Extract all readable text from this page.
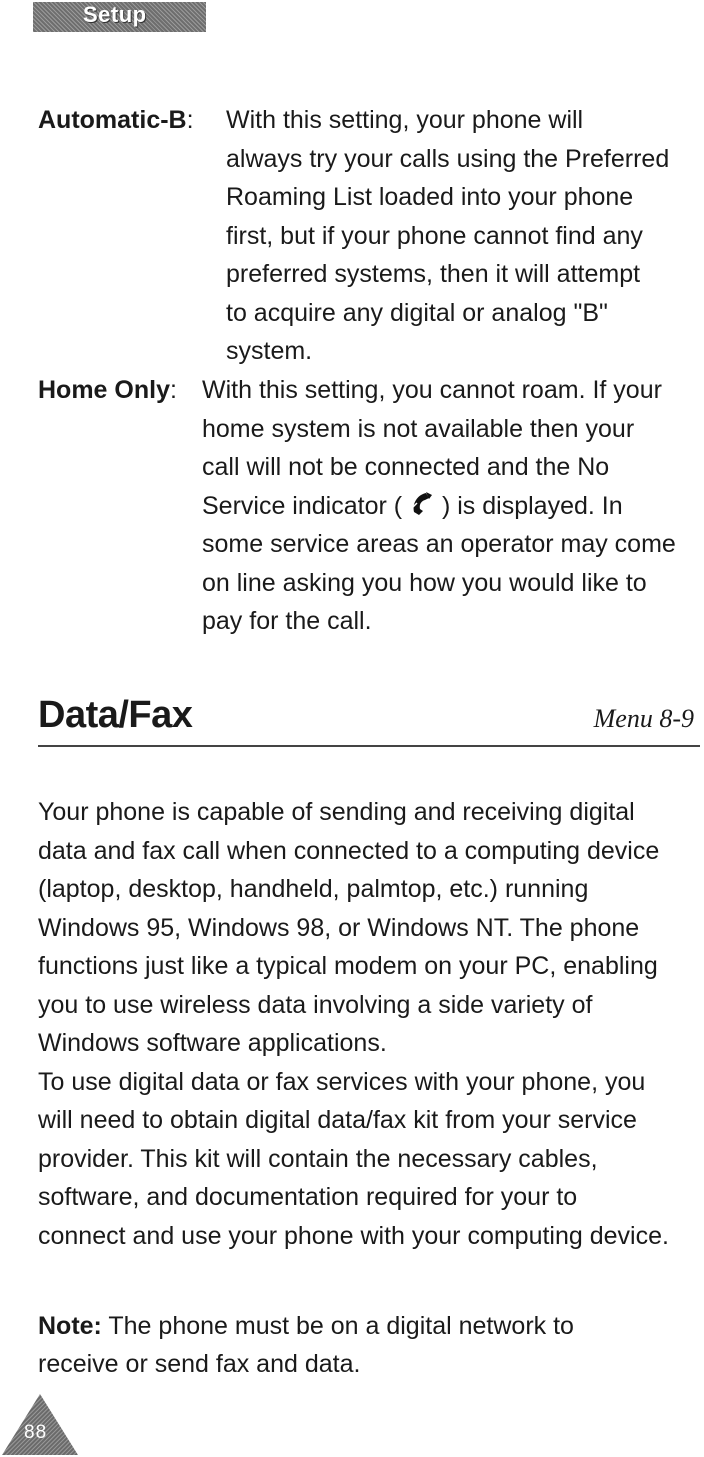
Setup
Automatic-B: With this setting, your phone will
always try your calls using the Preferred
Roaming List loaded into your phone
first, but if your phone cannot find any
preferred systems, then it will attempt
to acquire any digital or analog "B"
system.
Home Only: With this setting, you cannot roam. If your
home system is not available then your
call will not be connected and the No
Service indicator ( ) is displayed. In
some service areas an operator may come
on line asking you how you would like to
pay for the call.
Data/Fax	Menu 8-9
Your phone is capable of sending and receiving digital
data and fax call when connected to a computing device
(laptop, desktop, handheld, palmtop, etc.) running
Windows 95, Windows 98, or Windows NT. The phone
functions just like a typical modem on your PC, enabling
you to use wireless data involving a side variety of
Windows software applications.
To use digital data or fax services with your phone, you
will need to obtain digital data/fax kit from your service
provider. This kit will contain the necessary cables,
software, and documentation required for your to
connect and use your phone with your computing device.
Note: The phone must be on a digital network to
receive or send fax and data.
88
